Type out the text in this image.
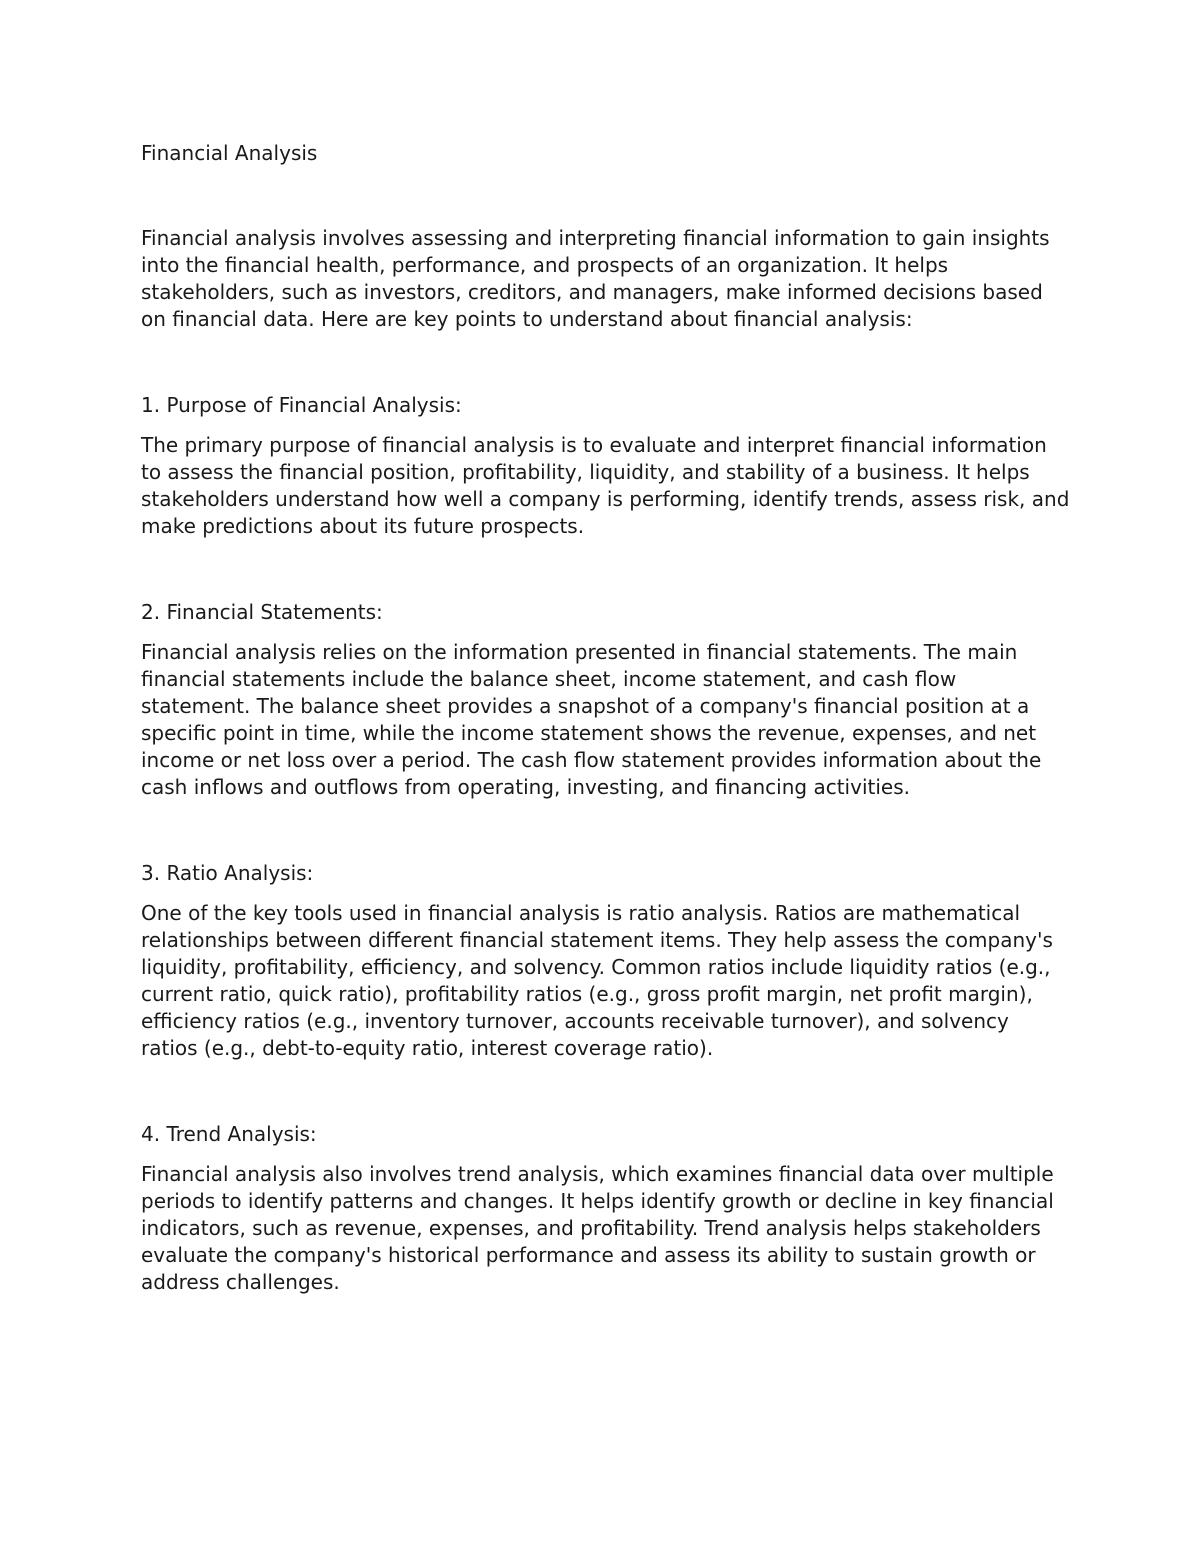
Financial Analysis

Financial analysis involves assessing and interpreting financial information to gain insights into the financial health, performance, and prospects of an organization. It helps stakeholders, such as investors, creditors, and managers, make informed decisions based on financial data. Here are key points to understand about financial analysis:

1. Purpose of Financial Analysis:

The primary purpose of financial analysis is to evaluate and interpret financial information to assess the financial position, profitability, liquidity, and stability of a business. It helps stakeholders understand how well a company is performing, identify trends, assess risk, and make predictions about its future prospects.

2. Financial Statements:

Financial analysis relies on the information presented in financial statements. The main financial statements include the balance sheet, income statement, and cash flow statement. The balance sheet provides a snapshot of a company's financial position at a specific point in time, while the income statement shows the revenue, expenses, and net income or net loss over a period. The cash flow statement provides information about the cash inflows and outflows from operating, investing, and financing activities.

3. Ratio Analysis:

One of the key tools used in financial analysis is ratio analysis. Ratios are mathematical relationships between different financial statement items. They help assess the company's liquidity, profitability, efficiency, and solvency. Common ratios include liquidity ratios (e.g., current ratio, quick ratio), profitability ratios (e.g., gross profit margin, net profit margin), efficiency ratios (e.g., inventory turnover, accounts receivable turnover), and solvency ratios (e.g., debt-to-equity ratio, interest coverage ratio).

4. Trend Analysis:

Financial analysis also involves trend analysis, which examines financial data over multiple periods to identify patterns and changes. It helps identify growth or decline in key financial indicators, such as revenue, expenses, and profitability. Trend analysis helps stakeholders evaluate the company's historical performance and assess its ability to sustain growth or address challenges.
